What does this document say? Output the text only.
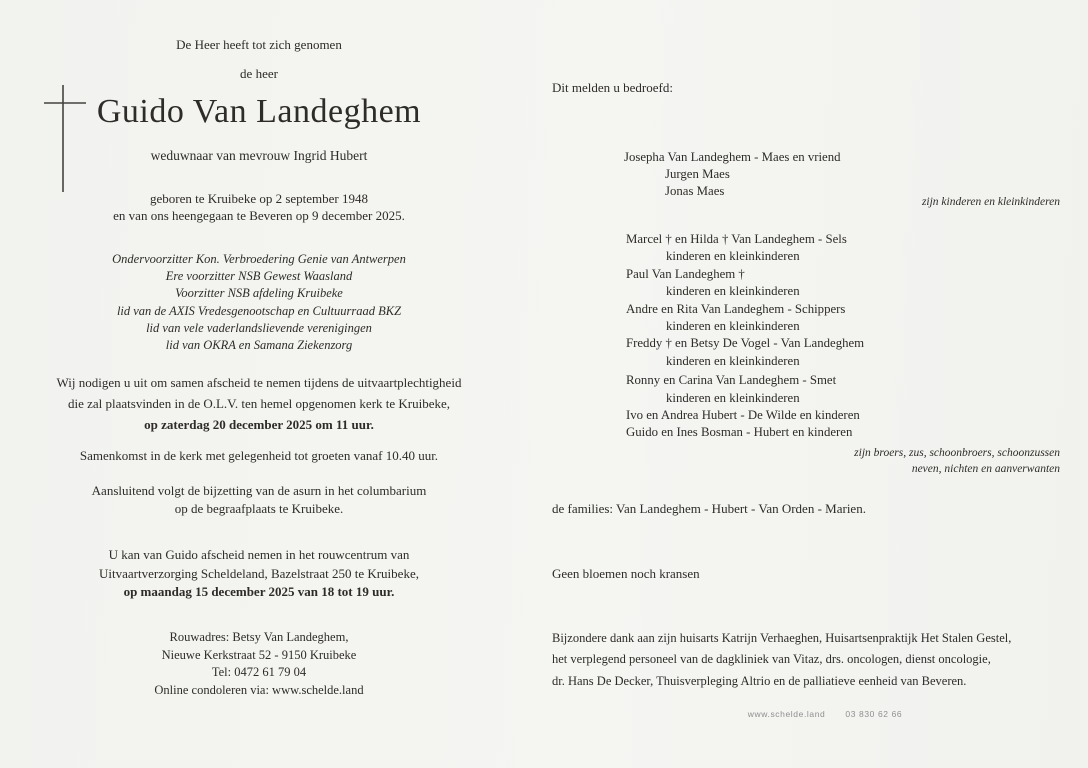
De Heer heeft tot zich genomen
de heer
Guido Van Landeghem
weduwnaar van mevrouw Ingrid Hubert
geboren te Kruibeke op 2 september 1948
en van ons heengegaan te Beveren op 9 december 2025.
Ondervoorzitter Kon. Verbroedering Genie van Antwerpen
Ere voorzitter NSB Gewest Waasland
Voorzitter NSB afdeling Kruibeke
lid van de AXIS Vredesgenootschap en Cultuurraad BKZ
lid van vele vaderlandslievende verenigingen
lid van OKRA en Samana Ziekenzorg
Wij nodigen u uit om samen afscheid te nemen tijdens de uitvaartplechtigheid
die zal plaatsvinden in de O.L.V. ten hemel opgenomen kerk te Kruibeke,
op zaterdag 20 december 2025 om 11 uur.
Samenkomst in de kerk met gelegenheid tot groeten vanaf 10.40 uur.
Aansluitend volgt de bijzetting van de asurn in het columbarium
op de begraafplaats te Kruibeke.
U kan van Guido afscheid nemen in het rouwcentrum van
Uitvaartverzorging Scheldeland, Bazelstraat 250 te Kruibeke,
op maandag 15 december 2025 van 18 tot 19 uur.
Rouwadres: Betsy Van Landeghem,
Nieuwe Kerkstraat 52 - 9150 Kruibeke
Tel: 0472 61 79 04
Online condoleren via: www.schelde.land
Dit melden u bedroefd:
Josepha Van Landeghem - Maes en vriend
Jurgen Maes
Jonas Maes
zijn kinderen en kleinkinderen
Marcel † en Hilda † Van Landeghem - Sels
kinderen en kleinkinderen
Paul Van Landeghem †
kinderen en kleinkinderen
Andre en Rita Van Landeghem - Schippers
kinderen en kleinkinderen
Freddy † en Betsy De Vogel - Van Landeghem
kinderen en kleinkinderen
Ronny en Carina Van Landeghem - Smet
kinderen en kleinkinderen
Ivo en Andrea Hubert - De Wilde en kinderen
Guido en Ines Bosman - Hubert en kinderen
zijn broers, zus, schoonbroers, schoonzussen
neven, nichten en aanverwanten
de families: Van Landeghem - Hubert - Van Orden - Marien.
Geen bloemen noch kransen
Bijzondere dank aan zijn huisarts Katrijn Verhaeghen, Huisartsenpraktijk Het Stalen Gestel,
het verplegend personeel van de dagkliniek van Vitaz, drs. oncologen, dienst oncologie,
dr. Hans De Decker, Thuisverpleging Altrio en de palliatieve eenheid van Beveren.
www.schelde.land 03 830 62 66
